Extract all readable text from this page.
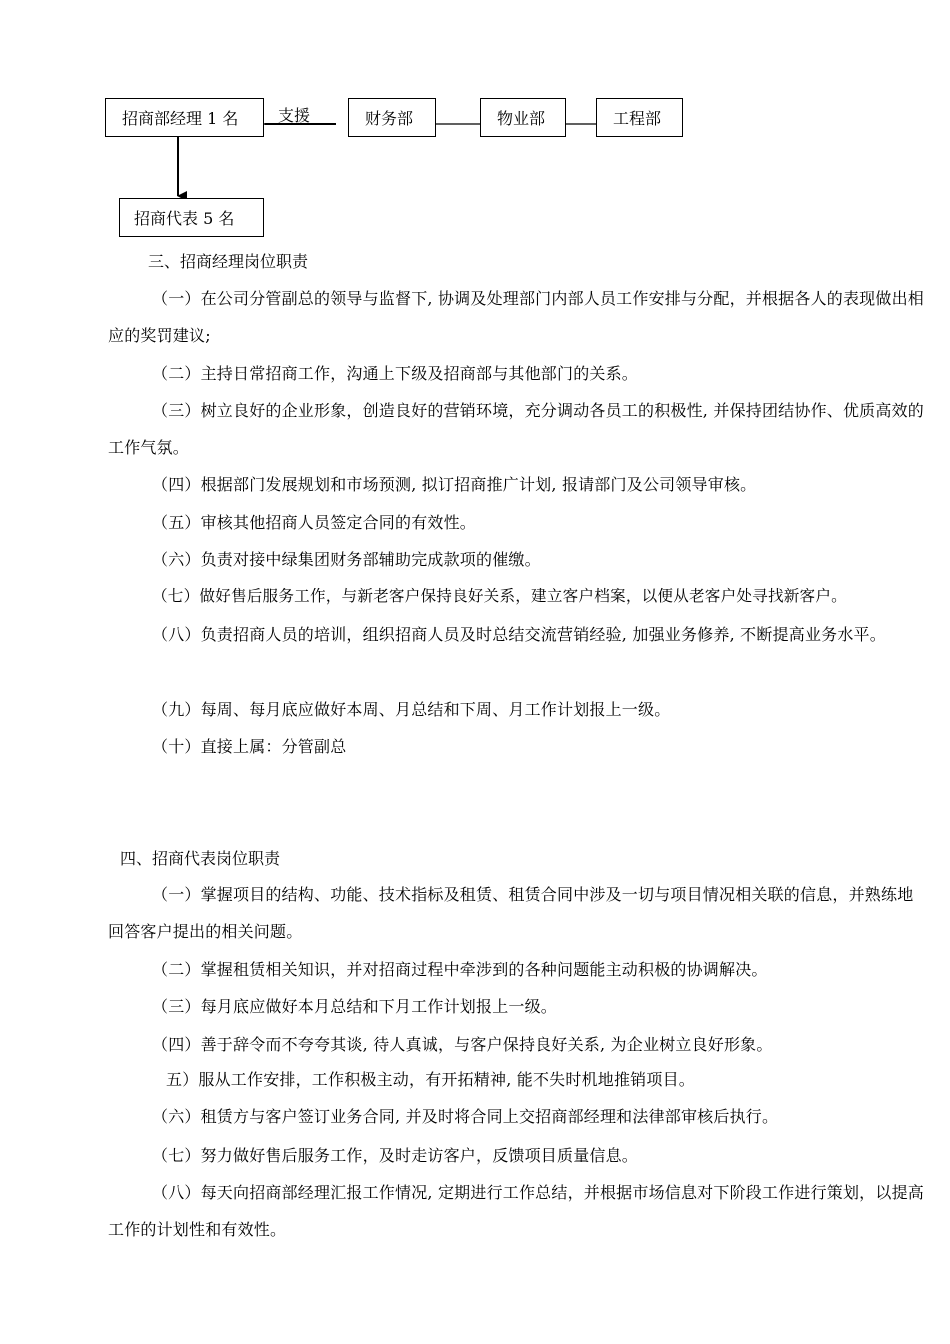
招商部经理 1 名 支援	财务部	物业部	工程部
招商代表 5 名
三、招商经理岗位职责
（一）在公司分管副总的领导与监督下, 协调及处理部门内部人员工作安排与分配，并根据各人的表现做出相应的奖罚建议;
（二）主持日常招商工作，沟通上下级及招商部与其他部门的关系。
（三）树立良好的企业形象，创造良好的营销环境，充分调动各员工的积极性, 并保持团结协作、优质高效的工作气氛。
（四）根据部门发展规划和市场预测, 拟订招商推广计划, 报请部门及公司领导审核。
（五）审核其他招商人员签定合同的有效性。
（六）负责对接中绿集团财务部辅助完成款项的催缴。
（七）做好售后服务工作，与新老客户保持良好关系，建立客户档案，以便从老客户处寻找新客户。
（八）负责招商人员的培训，组织招商人员及时总结交流营销经验, 加强业务修养, 不断提高业务水平。
（九）每周、每月底应做好本周、月总结和下周、月工作计划报上一级。
（十）直接上属：分管副总
四、招商代表岗位职责
（一）掌握项目的结构、功能、技术指标及租赁、租赁合同中涉及一切与项目情况相关联的信息，并熟练地回答客户提出的相关问题。
（二）掌握租赁相关知识，并对招商过程中牵涉到的各种问题能主动积极的协调解决。
（三）每月底应做好本月总结和下月工作计划报上一级。
（四）善于辞令而不夸夸其谈, 待人真诚，与客户保持良好关系, 为企业树立良好形象。
五）服从工作安排，工作积极主动，有开拓精神, 能不失时机地推销项目。
（六）租赁方与客户签订业务合同, 并及时将合同上交招商部经理和法律部审核后执行。
（七）努力做好售后服务工作，及时走访客户，反馈项目质量信息。
（八）每天向招商部经理汇报工作情况, 定期进行工作总结，并根据市场信息对下阶段工作进行策划，以提高工作的计划性和有效性。
